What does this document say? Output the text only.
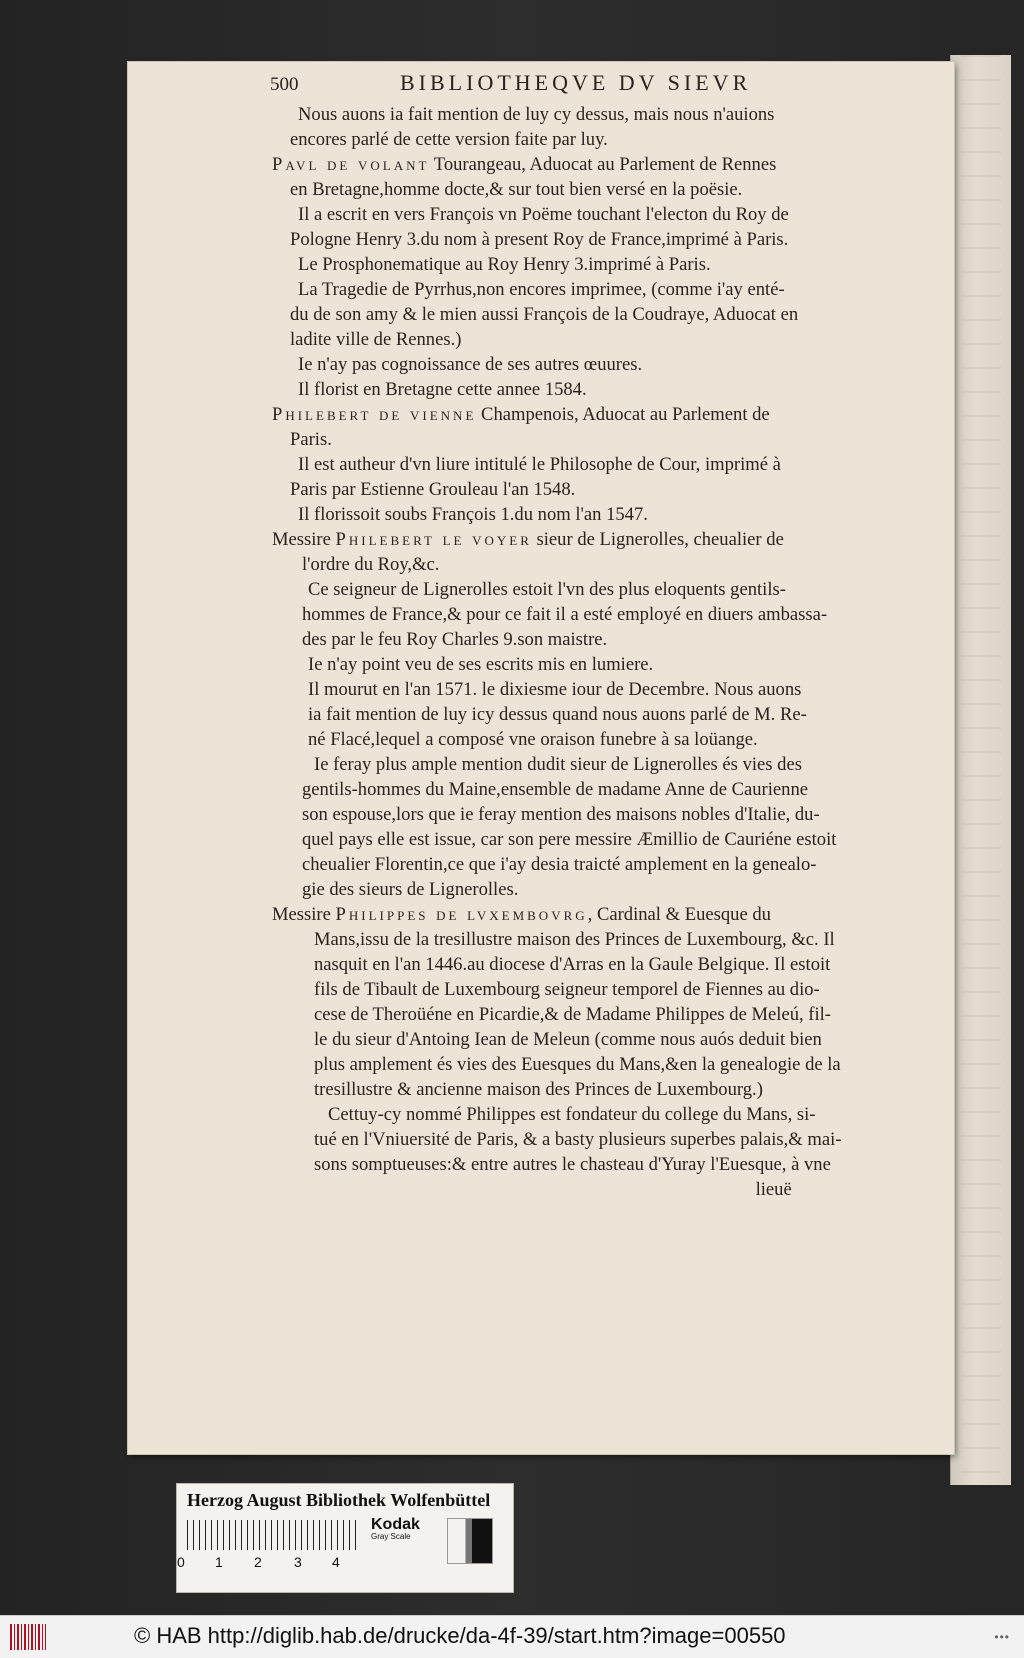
500	BIBLIOTHEQVE DV SIEVR
Nous auons ia fait mention de luy cy dessus, mais nous n'auions
encores parlé de cette version faite par luy.
Pavl de volant Tourangeau, Aduocat au Parlement de Rennes
en Bretagne,homme docte,& sur tout bien versé en la poësie.
Il a escrit en vers François vn Poëme touchant l'electon du Roy de
Pologne Henry 3.du nom à present Roy de France,imprimé à Paris.
Le Prosphonematique au Roy Henry 3.imprimé à Paris.
La Tragedie de Pyrrhus,non encores imprimee, (comme i'ay enté-
du de son amy & le mien aussi François de la Coudraye, Aduocat en
ladite ville de Rennes.)
Ie n'ay pas cognoissance de ses autres œuures.
Il florist en Bretagne cette annee 1584.
Philebert de vienne Champenois, Aduocat au Parlement de
Paris.
Il est autheur d'vn liure intitulé le Philosophe de Cour, imprimé à
Paris par Estienne Grouleau l'an 1548.
Il florissoit soubs François 1.du nom l'an 1547.
Messire Philebert le voyer sieur de Lignerolles, cheualier de
l'ordre du Roy,&c.
Ce seigneur de Lignerolles estoit l'vn des plus eloquents gentils-
hommes de France,& pour ce fait il a esté employé en diuers ambassa-
des par le feu Roy Charles 9.son maistre.
Ie n'ay point veu de ses escrits mis en lumiere.
Il mourut en l'an 1571. le dixiesme iour de Decembre. Nous auons
ia fait mention de luy icy dessus quand nous auons parlé de M. Re-
né Flacé,lequel a composé vne oraison funebre à sa loüange.
Ie feray plus ample mention dudit sieur de Lignerolles és vies des
gentils-hommes du Maine,ensemble de madame Anne de Caurienne
son espouse,lors que ie feray mention des maisons nobles d'Italie, du-
quel pays elle est issue, car son pere messire Æmillio de Cauriéne estoit
cheualier Florentin,ce que i'ay desia traicté amplement en la genealo-
gie des sieurs de Lignerolles.
Messire Philippes de lvxembovrg, Cardinal & Euesque du
Mans,issu de la tresillustre maison des Princes de Luxembourg, &c. Il
nasquit en l'an 1446.au diocese d'Arras en la Gaule Belgique. Il estoit
fils de Tibault de Luxembourg seigneur temporel de Fiennes au dio-
cese de Theroüéne en Picardie,& de Madame Philippes de Meleú, fil-
le du sieur d'Antoing Iean de Meleun (comme nous auós deduit bien
plus amplement és vies des Euesques du Mans,&en la genealogie de la
tresillustre & ancienne maison des Princes de Luxembourg.)
Cettuy-cy nommé Philippes est fondateur du college du Mans, si-
tué en l'Vniuersité de Paris, & a basty plusieurs superbes palais,& mai-
sons somptueuses:& entre autres le chasteau d'Yuray l'Euesque, à vne
lieuë
Herzog August Bibliothek Wolfenbüttel
0 1 2 3 4
Kodak
Gray Scale
© HAB http://diglib.hab.de/drucke/da-4f-39/start.htm?image=00550	•••
